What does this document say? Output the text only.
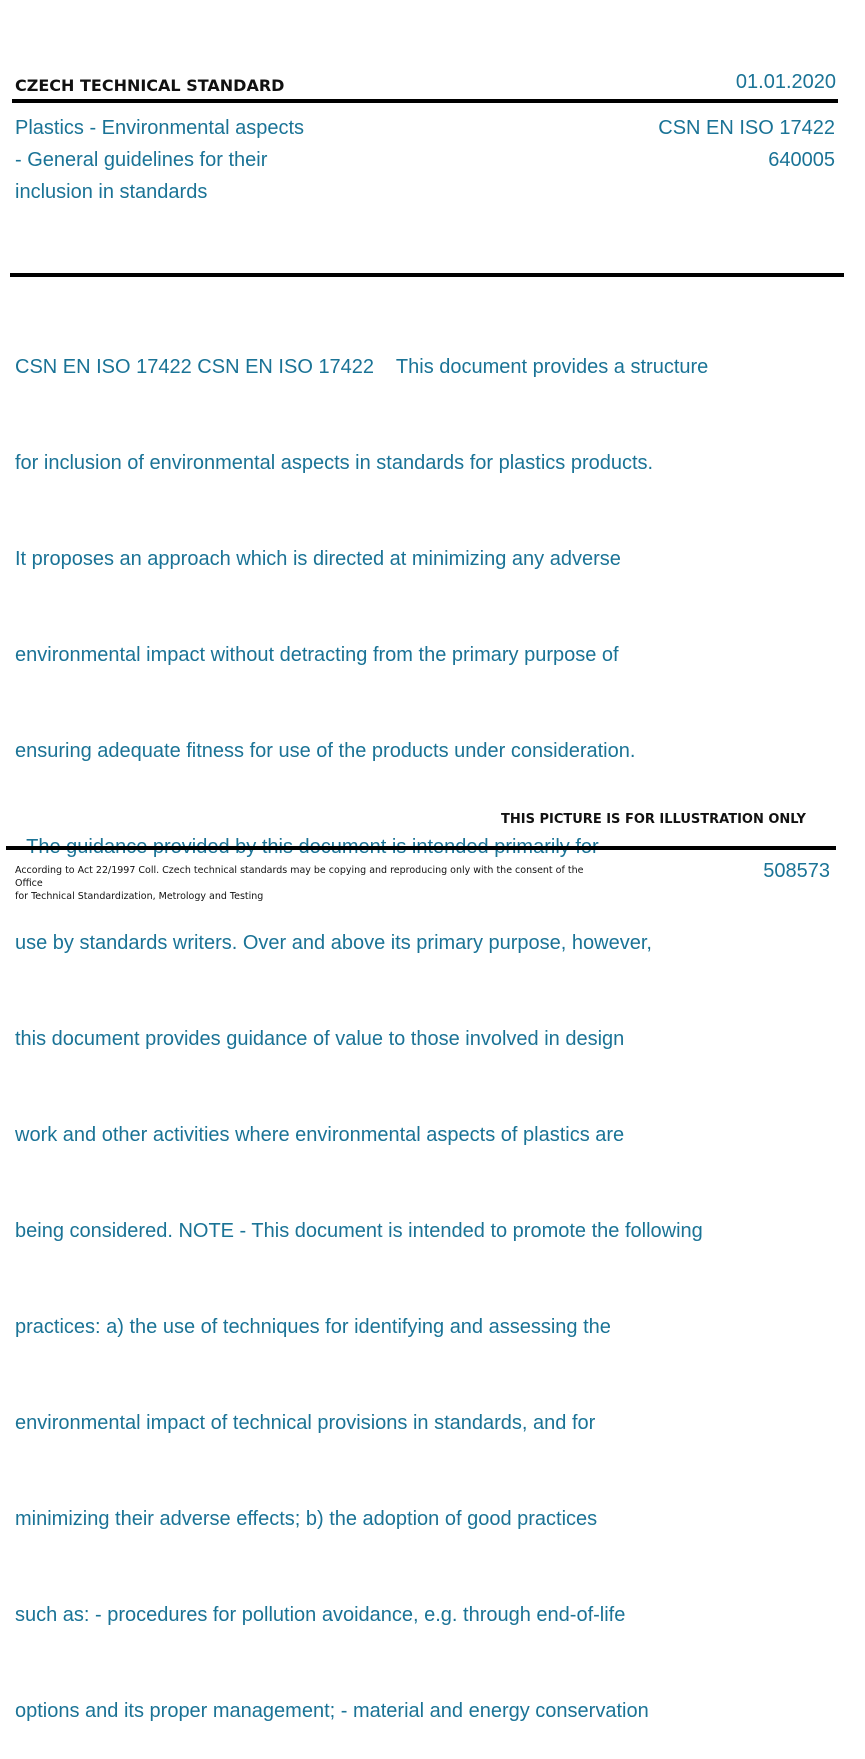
CZECH TECHNICAL STANDARD	01.01.2020
Plastics - Environmental aspects
- General guidelines for their
inclusion in standards
CSN EN ISO 17422
640005

CSN EN ISO 17422 CSN EN ISO 17422    This document provides a structure

for inclusion of environmental aspects in standards for plastics products.

It proposes an approach which is directed at minimizing any adverse

environmental impact without detracting from the primary purpose of

ensuring adequate fitness for use of the products under consideration.

use by standards writers. Over and above its primary purpose, however,

this document provides guidance of value to those involved in design

work and other activities where environmental aspects of plastics are

being considered. NOTE - This document is intended to promote the following

practices: a) the use of techniques for identifying and assessing the

environmental impact of technical provisions in standards, and for

minimizing their adverse effects; b) the adoption of good practices

such as: - procedures for pollution avoidance, e.g. through end-of-life

options and its proper management; - material and energy conservation

THIS PICTURE IS FOR ILLUSTRATION ONLY
According to Act 22/1997 Coll. Czech technical standards may be copying and reproducing only with the consent of the Office
for Technical Standardization, Metrology and Testing
508573
